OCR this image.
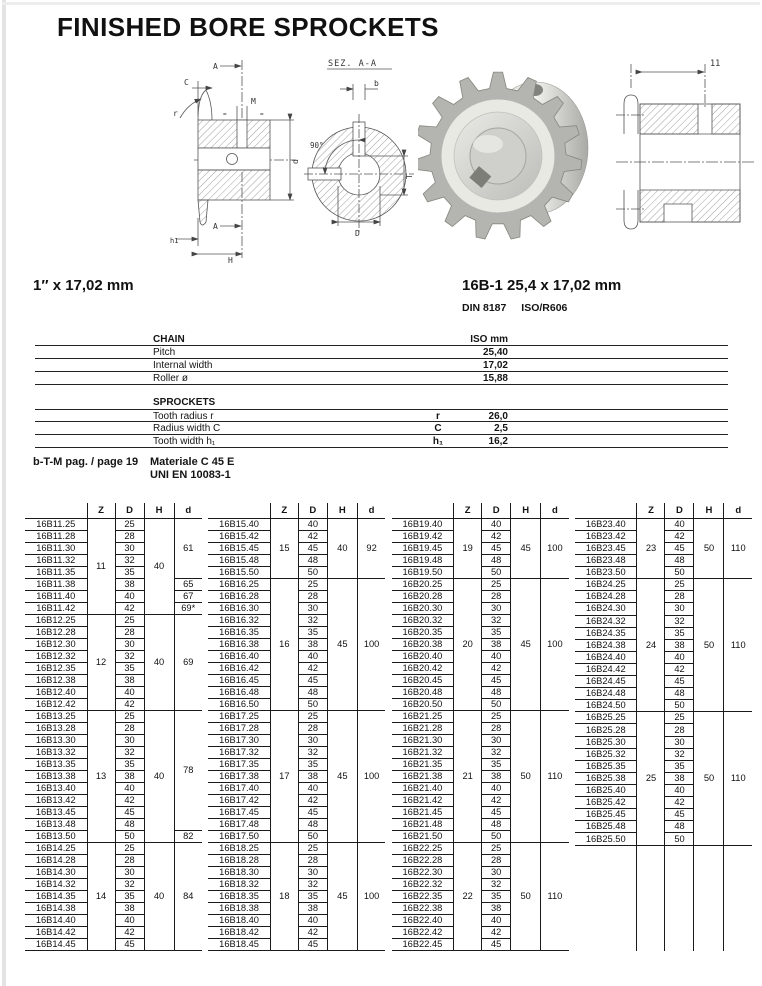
FINISHED BORE SPROCKETS
A
C
r
M
=	=
d
A
h1
H
SEZ. A-A
b
90°
D
T
11
1″ x 17,02 mm	16B-1 25,4 x 17,02 mm
DIN 8187 ISO/R606
CHAIN	ISO mm
Pitch	25,40
Internal width	17,02
Roller ø	15,88
SPROCKETS
Tooth radius r	r	26,0
Radius width C	C	2,5
Tooth width h₁	h₁	16,2
b-T-M pag. / page 19 Materiale C 45 E
UNI EN 10083-1
	Z	D	H	d
16B11.25	11	25	40	61
16B11.28		28		
16B11.30		30		
16B11.32		32		
16B11.35		35		
16B11.38		38		65
16B11.40		40		67
16B11.42		42		69*
16B12.25	12	25	40	69
16B12.28		28		
16B12.30		30		
16B12.32		32		
16B12.35		35		
16B12.38		38		
16B12.40		40		
16B12.42		42		
16B13.25	13	25	40	78
16B13.28		28		
16B13.30		30		
16B13.32		32		
16B13.35		35		
16B13.38		38		
16B13.40		40		
16B13.42		42		
16B13.45		45		
16B13.48		48		
16B13.50		50		82
16B14.25	14	25	40	84
16B14.28		28		
16B14.30		30		
16B14.32		32		
16B14.35		35		
16B14.38		38		
16B14.40		40		
16B14.42		42		
16B14.45		45		
	Z	D	H	d
16B15.40	15	40	40	92
16B15.42		42		
16B15.45		45		
16B15.48		48		
16B15.50		50		
16B16.25	16	25	45	100
16B16.28		28		
16B16.30		30		
16B16.32		32		
16B16.35		35		
16B16.38		38		
16B16.40		40		
16B16.42		42		
16B16.45		45		
16B16.48		48		
16B16.50		50		
16B17.25	17	25	45	100
16B17.28		28		
16B17.30		30		
16B17.32		32		
16B17.35		35		
16B17.38		38		
16B17.40		40		
16B17.42		42		
16B17.45		45		
16B17.48		48		
16B17.50		50		
16B18.25	18	25	45	100
16B18.28		28		
16B18.30		30		
16B18.32		32		
16B18.35		35		
16B18.38		38		
16B18.40		40		
16B18.42		42		
16B18.45		45		
	Z	D	H	d
16B19.40	19	40	45	100
16B19.42		42		
16B19.45		45		
16B19.48		48		
16B19.50		50		
16B20.25	20	25	45	100
16B20.28		28		
16B20.30		30		
16B20.32		32		
16B20.35		35		
16B20.38		38		
16B20.40		40		
16B20.42		42		
16B20.45		45		
16B20.48		48		
16B20.50		50		
16B21.25	21	25	50	110
16B21.28		28		
16B21.30		30		
16B21.32		32		
16B21.35		35		
16B21.38		38		
16B21.40		40		
16B21.42		42		
16B21.45		45		
16B21.48		48		
16B21.50		50		
16B22.25	22	25	50	110
16B22.28		28		
16B22.30		30		
16B22.32		32		
16B22.35		35		
16B22.38		38		
16B22.40		40		
16B22.42		42		
16B22.45		45		
	Z	D	H	d
16B23.40	23	40	50	110
16B23.42		42		
16B23.45		45		
16B23.48		48		
16B23.50		50		
16B24.25	24	25	50	110
16B24.28		28		
16B24.30		30		
16B24.32		32		
16B24.35		35		
16B24.38		38		
16B24.40		40		
16B24.42		42		
16B24.45		45		
16B24.48		48		
16B24.50		50		
16B25.25	25	25	50	110
16B25.28		28		
16B25.30		30		
16B25.32		32		
16B25.35		35		
16B25.38		38		
16B25.40		40		
16B25.42		42		
16B25.45		45		
16B25.48		48		
16B25.50		50		
